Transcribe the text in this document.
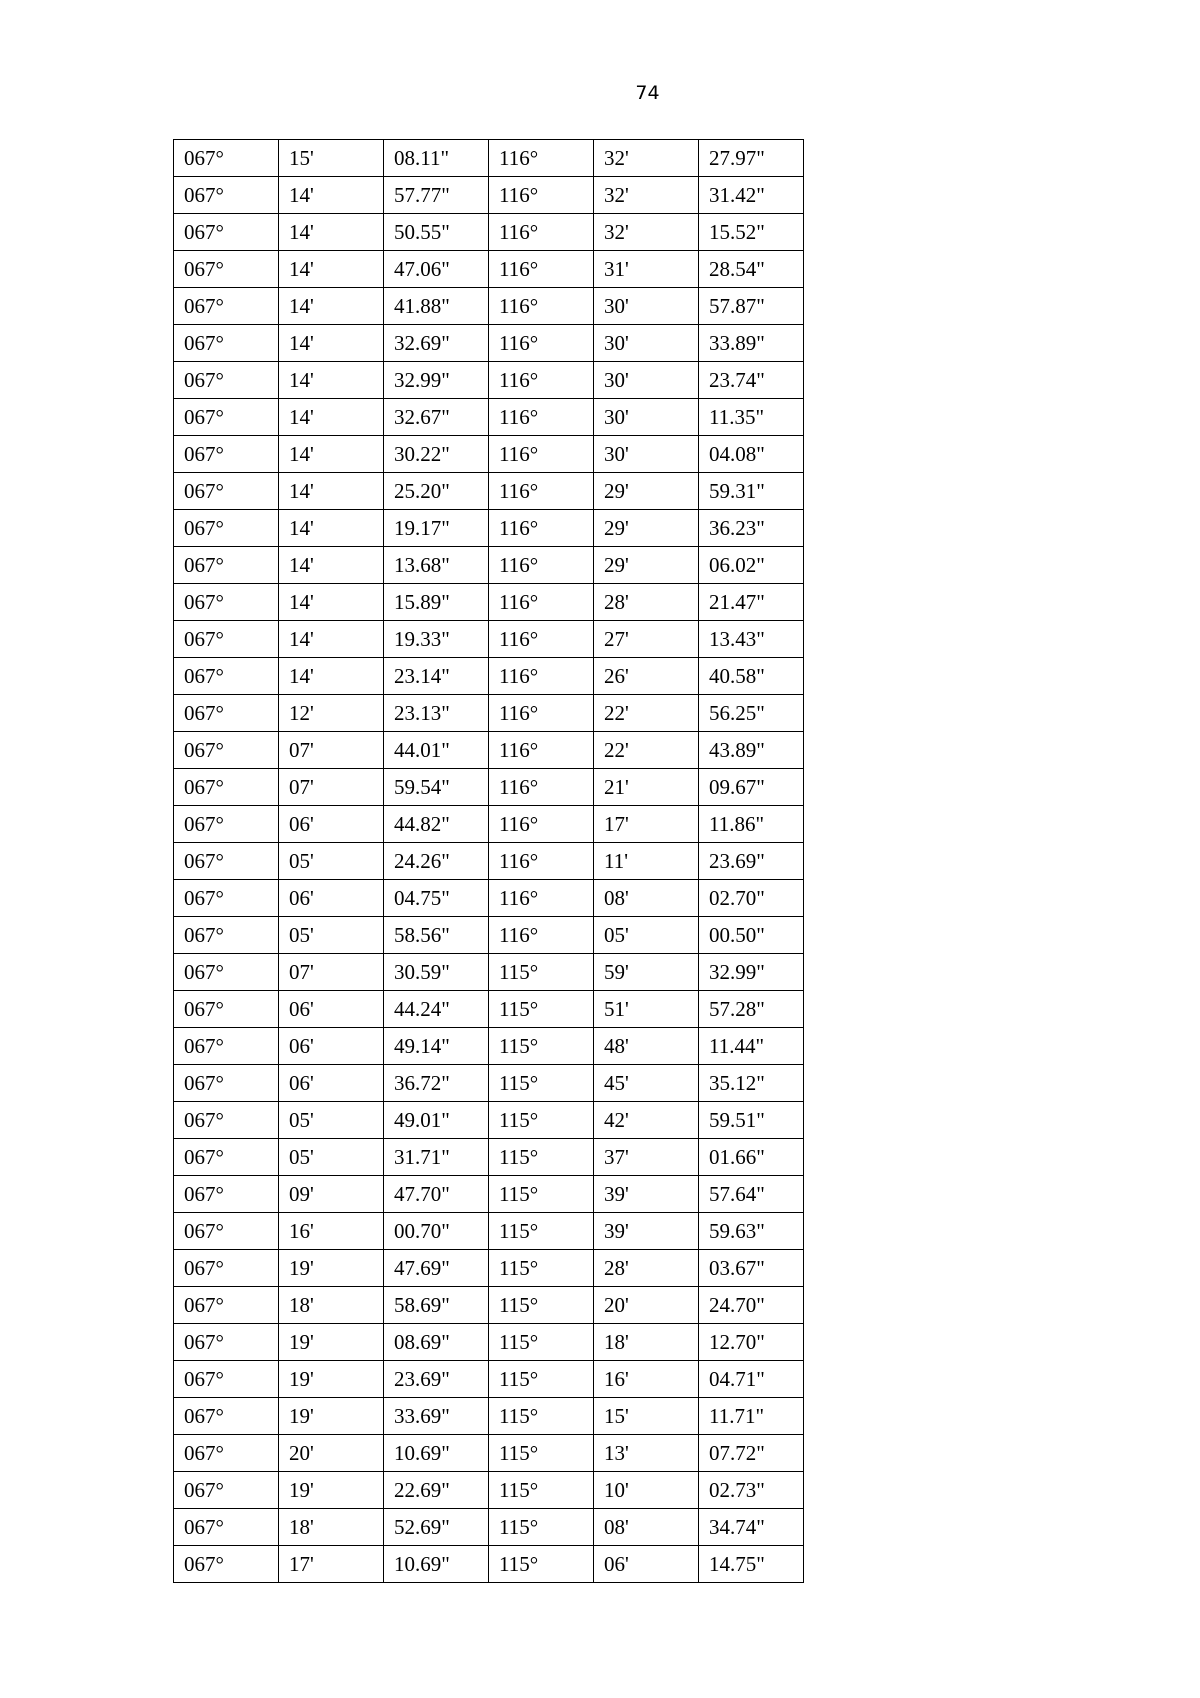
74
067°	15'	08.11"	116°	32'	27.97"
067°	14'	57.77"	116°	32'	31.42"
067°	14'	50.55"	116°	32'	15.52"
067°	14'	47.06"	116°	31'	28.54"
067°	14'	41.88"	116°	30'	57.87"
067°	14'	32.69"	116°	30'	33.89"
067°	14'	32.99"	116°	30'	23.74"
067°	14'	32.67"	116°	30'	11.35"
067°	14'	30.22"	116°	30'	04.08"
067°	14'	25.20"	116°	29'	59.31"
067°	14'	19.17"	116°	29'	36.23"
067°	14'	13.68"	116°	29'	06.02"
067°	14'	15.89"	116°	28'	21.47"
067°	14'	19.33"	116°	27'	13.43"
067°	14'	23.14"	116°	26'	40.58"
067°	12'	23.13"	116°	22'	56.25"
067°	07'	44.01"	116°	22'	43.89"
067°	07'	59.54"	116°	21'	09.67"
067°	06'	44.82"	116°	17'	11.86"
067°	05'	24.26"	116°	11'	23.69"
067°	06'	04.75"	116°	08'	02.70"
067°	05'	58.56"	116°	05'	00.50"
067°	07'	30.59"	115°	59'	32.99"
067°	06'	44.24"	115°	51'	57.28"
067°	06'	49.14"	115°	48'	11.44"
067°	06'	36.72"	115°	45'	35.12"
067°	05'	49.01"	115°	42'	59.51"
067°	05'	31.71"	115°	37'	01.66"
067°	09'	47.70"	115°	39'	57.64"
067°	16'	00.70"	115°	39'	59.63"
067°	19'	47.69"	115°	28'	03.67"
067°	18'	58.69"	115°	20'	24.70"
067°	19'	08.69"	115°	18'	12.70"
067°	19'	23.69"	115°	16'	04.71"
067°	19'	33.69"	115°	15'	11.71"
067°	20'	10.69"	115°	13'	07.72"
067°	19'	22.69"	115°	10'	02.73"
067°	18'	52.69"	115°	08'	34.74"
067°	17'	10.69"	115°	06'	14.75"
